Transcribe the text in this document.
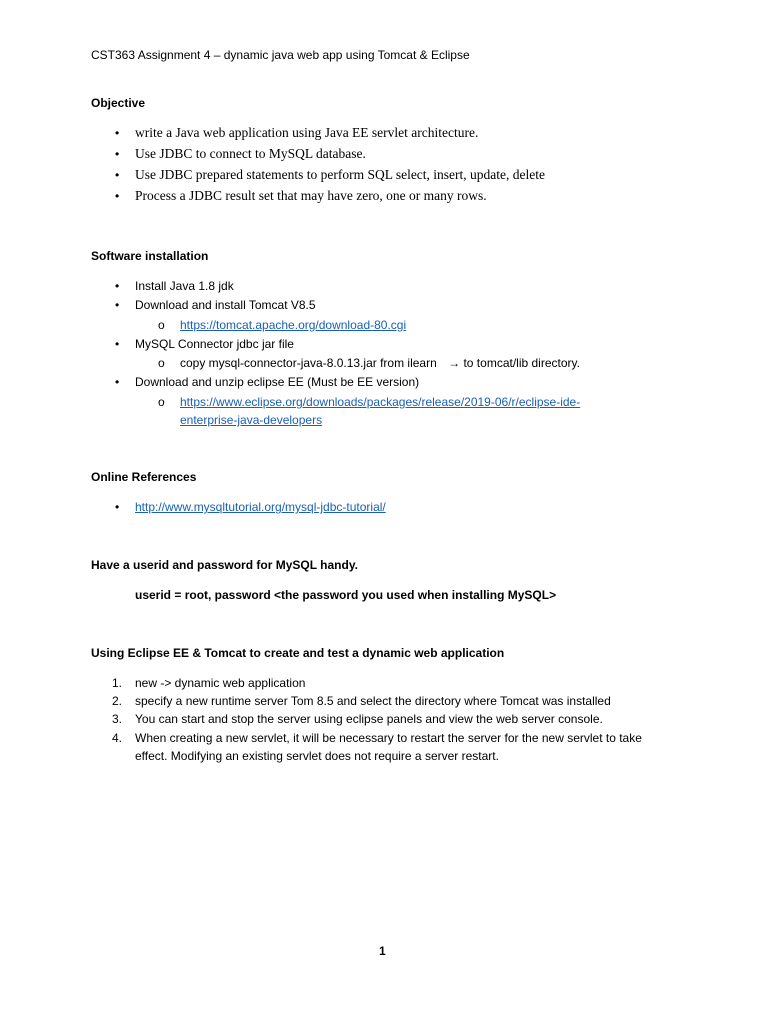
CST363 Assignment 4 – dynamic java web app using Tomcat & Eclipse
Objective
• write a Java web application using Java EE servlet architecture.
• Use JDBC to connect to MySQL database.
• Use JDBC prepared statements to perform SQL select, insert, update, delete
• Process a JDBC result set that may have zero, one or many rows.
Software installation
• Install Java 1.8 jdk
• Download and install Tomcat V8.5
o https://tomcat.apache.org/download-80.cgi
• MySQL Connector jdbc jar file
o copy mysql-connector-java-8.0.13.jar from ilearn → to tomcat/lib directory.
• Download and unzip eclipse EE (Must be EE version)
o https://www.eclipse.org/downloads/packages/release/2019-06/r/eclipse-ide-
enterprise-java-developers
Online References
• http://www.mysqltutorial.org/mysql-jdbc-tutorial/
Have a userid and password for MySQL handy.
userid = root, password <the password you used when installing MySQL>
Using Eclipse EE & Tomcat to create and test a dynamic web application
1. new -> dynamic web application
2. specify a new runtime server Tom 8.5 and select the directory where Tomcat was installed
3. You can start and stop the server using eclipse panels and view the web server console.
4. When creating a new servlet, it will be necessary to restart the server for the new servlet to take
effect. Modifying an existing servlet does not require a server restart.
1
